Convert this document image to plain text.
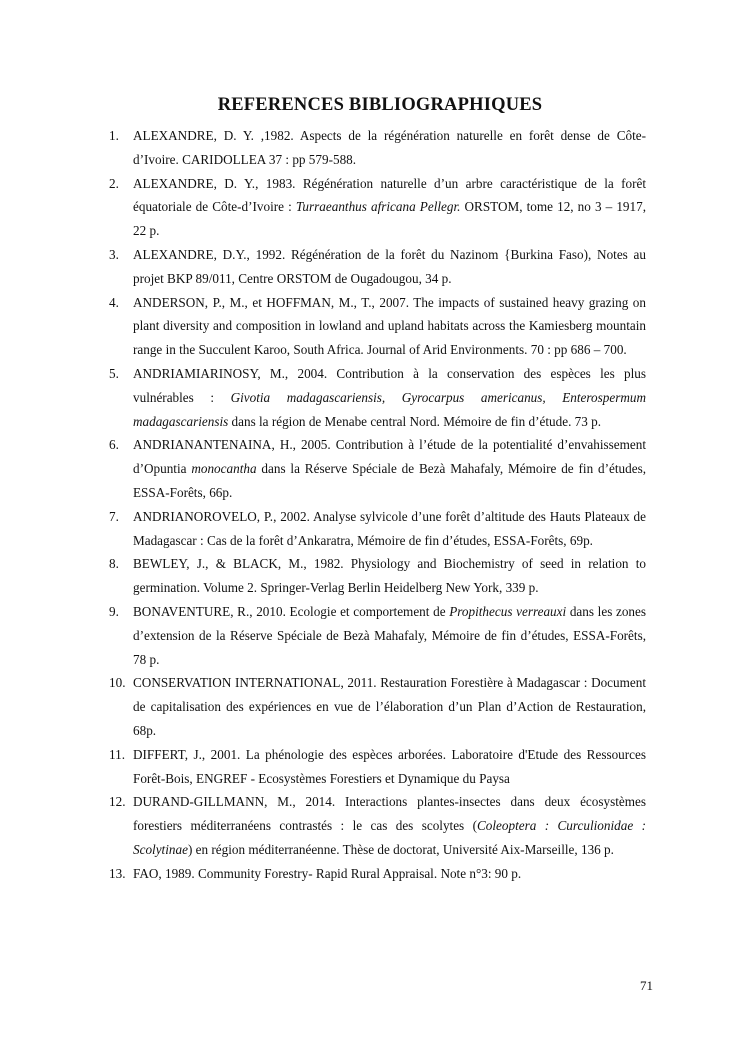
REFERENCES BIBLIOGRAPHIQUES
1. ALEXANDRE, D. Y. ,1982. Aspects de la régénération naturelle en forêt dense de Côte-d’Ivoire. CARIDOLLEA 37 : pp 579-588.
2. ALEXANDRE, D. Y., 1983. Régénération naturelle d’un arbre caractéristique de la forêt équatoriale de Côte-d’Ivoire : Turraeanthus africana Pellegr. ORSTOM, tome 12, no 3 – 1917, 22 p.
3. ALEXANDRE, D.Y., 1992. Régénération de la forêt du Nazinom {Burkina Faso), Notes au projet BKP 89/011, Centre ORSTOM de Ougadougou, 34 p.
4. ANDERSON, P., M., et HOFFMAN, M., T., 2007. The impacts of sustained heavy grazing on plant diversity and composition in lowland and upland habitats across the Kamiesberg mountain range in the Succulent Karoo, South Africa. Journal of Arid Environments. 70 : pp 686 – 700.
5. ANDRIAMIARINOSY, M., 2004. Contribution à la conservation des espèces les plus vulnérables : Givotia madagascariensis, Gyrocarpus americanus, Enterospermum madagascariensis dans la région de Menabe central Nord. Mémoire de fin d’étude. 73 p.
6. ANDRIANANTENAINA, H., 2005. Contribution à l’étude de la potentialité d’envahissement d’Opuntia monocantha dans la Réserve Spéciale de Bezà Mahafaly, Mémoire de fin d’études, ESSA-Forêts, 66p.
7. ANDRIANOROVELO, P., 2002. Analyse sylvicole d’une forêt d’altitude des Hauts Plateaux de Madagascar : Cas de la forêt d’Ankaratra, Mémoire de fin d’études, ESSA-Forêts, 69p.
8. BEWLEY, J., & BLACK, M., 1982. Physiology and Biochemistry of seed in relation to germination. Volume 2. Springer-Verlag Berlin Heidelberg New York, 339 p.
9. BONAVENTURE, R., 2010. Ecologie et comportement de Propithecus verreauxi dans les zones d’extension de la Réserve Spéciale de Bezà Mahafaly, Mémoire de fin d’études, ESSA-Forêts, 78 p.
10. CONSERVATION INTERNATIONAL, 2011. Restauration Forestière à Madagascar : Document de capitalisation des expériences en vue de l’élaboration d’un Plan d’Action de Restauration, 68p.
11. DIFFERT, J., 2001. La phénologie des espèces arborées. Laboratoire d'Etude des Ressources Forêt-Bois, ENGREF - Ecosystèmes Forestiers et Dynamique du Paysa
12. DURAND-GILLMANN, M., 2014. Interactions plantes-insectes dans deux écosystèmes forestiers méditerranéens contrastés : le cas des scolytes (Coleoptera : Curculionidae : Scolytinae) en région méditerranéenne. Thèse de doctorat, Université Aix-Marseille, 136 p.
13. FAO, 1989. Community Forestry- Rapid Rural Appraisal. Note n°3: 90 p.
71
